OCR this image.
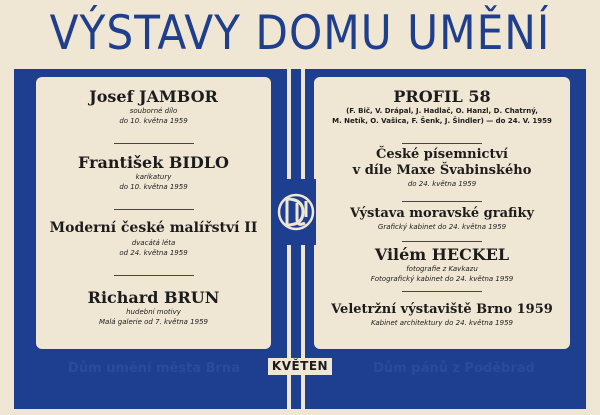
VÝSTAVY DOMU UMĚNÍ
Josef JAMBOR
souborné dílo
do 10. května 1959
František BIDLO
karikatury
do 10. května 1959
Moderní české malířství II
dvacátá léta
od 24. května 1959
Richard BRUN
hudební motivy
Malá galerie od 7. května 1959
PROFIL 58
(F. Bič, V. Drápal, J. Hadlač, O. Hanzl, D. Chatrný,
M. Netík, O. Vašica, F. Šenk, J. Šindler) — do 24. V. 1959
České písemnictví
v díle Maxe Švabinského
do 24. května 1959
Výstava moravské grafiky
Grafický kabinet do 24. května 1959
Vilém HECKEL
fotografie z Kavkazu
Fotografický kabinet do 24. května 1959
Veletržní výstaviště Brno 1959
Kabinet architektury do 24. května 1959
KVĚTEN
Dům umění města Brna	Dům pánů z Poděbrad
